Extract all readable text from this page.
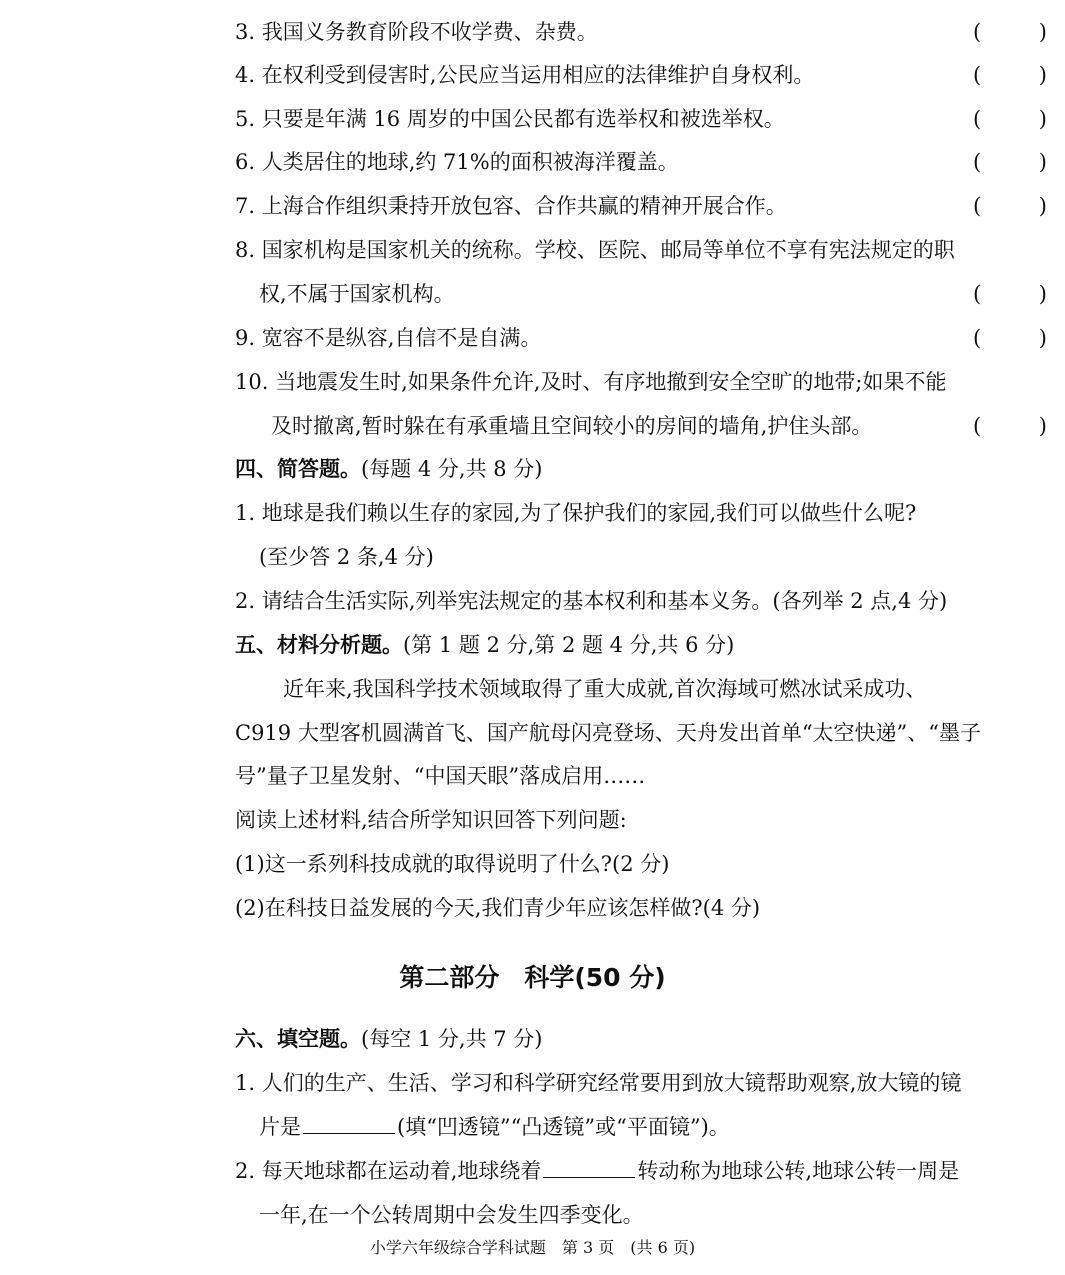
3. 我国义务教育阶段不收学费、杂费。	(	)
4. 在权利受到侵害时,公民应当运用相应的法律维护自身权利。	(	)
5. 只要是年满 16 周岁的中国公民都有选举权和被选举权。	(	)
6. 人类居住的地球,约 71%的面积被海洋覆盖。	(	)
7. 上海合作组织秉持开放包容、合作共赢的精神开展合作。	(	)
8. 国家机构是国家机关的统称。学校、医院、邮局等单位不享有宪法规定的职
权,不属于国家机构。	(	)
9. 宽容不是纵容,自信不是自满。	(	)
10. 当地震发生时,如果条件允许,及时、有序地撤到安全空旷的地带;如果不能
及时撤离,暂时躲在有承重墙且空间较小的房间的墙角,护住头部。	(	)
四、简答题。(每题 4 分,共 8 分)
1. 地球是我们赖以生存的家园,为了保护我们的家园,我们可以做些什么呢?
(至少答 2 条,4 分)
2. 请结合生活实际,列举宪法规定的基本权利和基本义务。(各列举 2 点,4 分)
五、材料分析题。(第 1 题 2 分,第 2 题 4 分,共 6 分)
近年来,我国科学技术领域取得了重大成就,首次海域可燃冰试采成功、
C919 大型客机圆满首飞、国产航母闪亮登场、天舟发出首单“太空快递”、“墨子
号”量子卫星发射、“中国天眼”落成启用……
阅读上述材料,结合所学知识回答下列问题:
(1)这一系列科技成就的取得说明了什么?(2 分)
(2)在科技日益发展的今天,我们青少年应该怎样做?(4 分)
第二部分　科学(50 分)
六、填空题。(每空 1 分,共 7 分)
1. 人们的生产、生活、学习和科学研究经常要用到放大镜帮助观察,放大镜的镜
片是	(填“凹透镜”“凸透镜”或“平面镜”)。
2. 每天地球都在运动着,地球绕着	转动称为地球公转,地球公转一周是
一年,在一个公转周期中会发生四季变化。
小学六年级综合学科试题　第 3 页　(共 6 页)
